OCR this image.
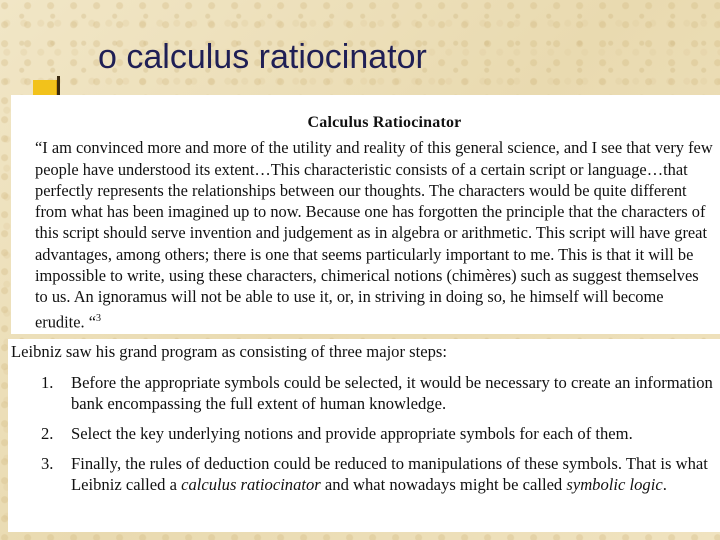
o calculus ratiocinator
Calculus Ratiocinator

“I am convinced more and more of the utility and reality of this general science, and I see that very few people have understood its extent…This characteristic consists of a certain script or language…that perfectly represents the relationships between our thoughts. The characters would be quite different from what has been imagined up to now. Because one has forgotten the principle that the characters of this script should serve invention and judgement as in algebra or arithmetic. This script will have great advantages, among others; there is one that seems particularly important to me. This is that it will be impossible to write, using these characters, chimerical notions (chimères) such as suggest themselves to us. An ignoramus will not be able to use it, or, in striving in doing so, he himself will become erudite. “$^3$

Leibniz saw his grand program as consisting of three major steps:

1.	Before the appropriate symbols could be selected, it would be necessary to create an information bank encompassing the full extent of human knowledge.
2.	Select the key underlying notions and provide appropriate symbols for each of them.
3.	Finally, the rules of deduction could be reduced to manipulations of these symbols. That is what Leibniz called a calculus ratiocinator and what nowadays might be called symbolic logic.
